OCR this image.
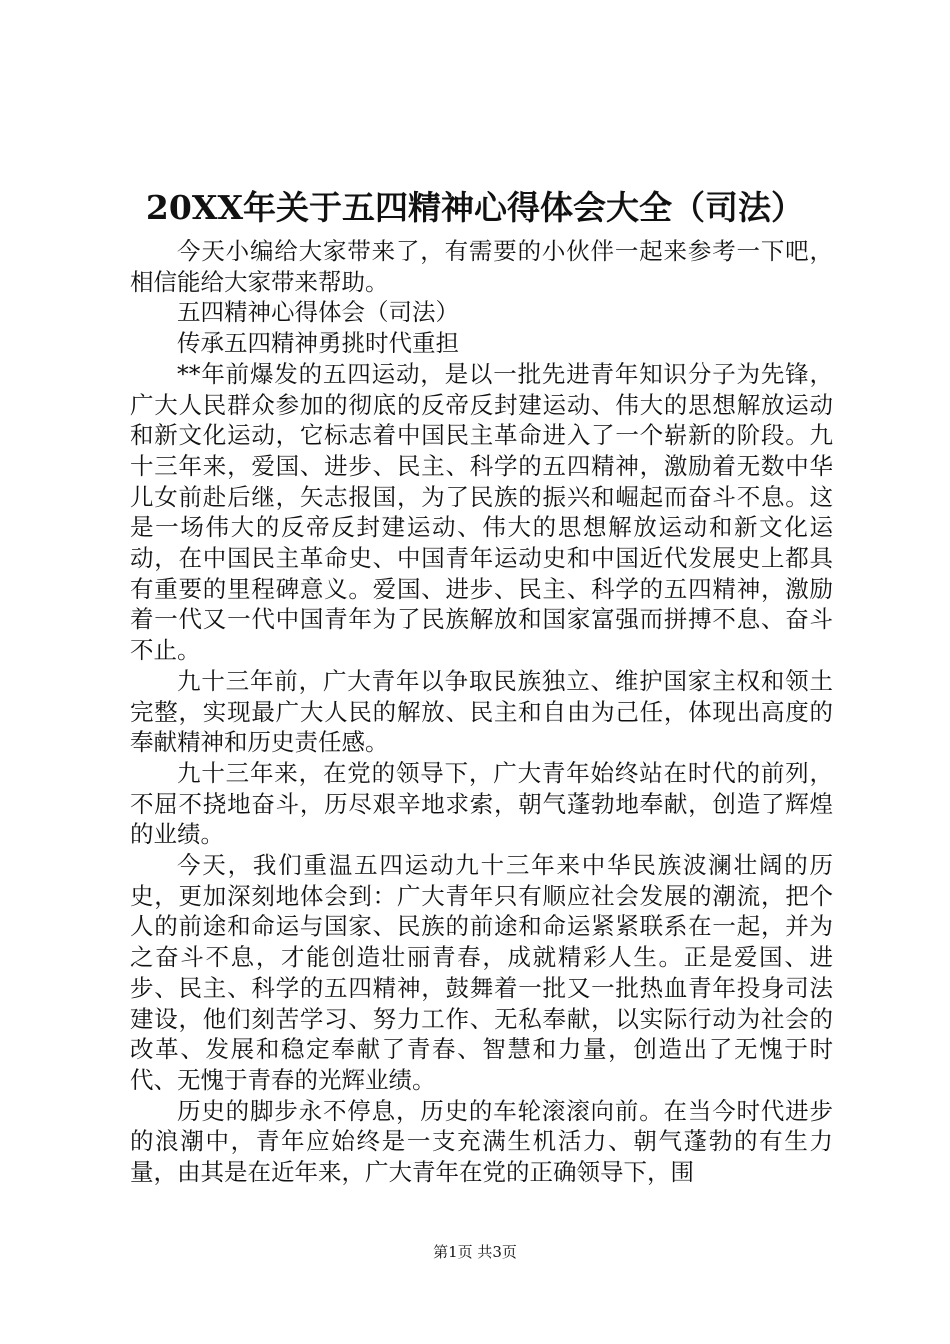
20XX年关于五四精神心得体会大全（司法）

今天小编给大家带来了，有需要的小伙伴一起来参考一下吧，相信能给大家带来帮助。

五四精神心得体会（司法）

传承五四精神勇挑时代重担

**年前爆发的五四运动，是以一批先进青年知识分子为先锋，广大人民群众参加的彻底的反帝反封建运动、伟大的思想解放运动和新文化运动，它标志着中国民主革命进入了一个崭新的阶段。九十三年来，爱国、进步、民主、科学的五四精神，激励着无数中华儿女前赴后继，矢志报国，为了民族的振兴和崛起而奋斗不息。这是一场伟大的反帝反封建运动、伟大的思想解放运动和新文化运动，在中国民主革命史、中国青年运动史和中国近代发展史上都具有重要的里程碑意义。爱国、进步、民主、科学的五四精神，激励着一代又一代中国青年为了民族解放和国家富强而拼搏不息、奋斗不止。

九十三年前，广大青年以争取民族独立、维护国家主权和领土完整，实现最广大人民的解放、民主和自由为己任，体现出高度的奉献精神和历史责任感。

九十三年来，在党的领导下，广大青年始终站在时代的前列，不屈不挠地奋斗，历尽艰辛地求索，朝气蓬勃地奉献，创造了辉煌的业绩。

今天，我们重温五四运动九十三年来中华民族波澜壮阔的历史，更加深刻地体会到：广大青年只有顺应社会发展的潮流，把个人的前途和命运与国家、民族的前途和命运紧紧联系在一起，并为之奋斗不息，才能创造壮丽青春，成就精彩人生。正是爱国、进步、民主、科学的五四精神，鼓舞着一批又一批热血青年投身司法建设，他们刻苦学习、努力工作、无私奉献，以实际行动为社会的改革、发展和稳定奉献了青春、智慧和力量，创造出了无愧于时代、无愧于青春的光辉业绩。

历史的脚步永不停息，历史的车轮滚滚向前。在当今时代进步的浪潮中，青年应始终是一支充满生机活力、朝气蓬勃的有生力量，由其是在近年来，广大青年在党的正确领导下，围

第1页 共3页
